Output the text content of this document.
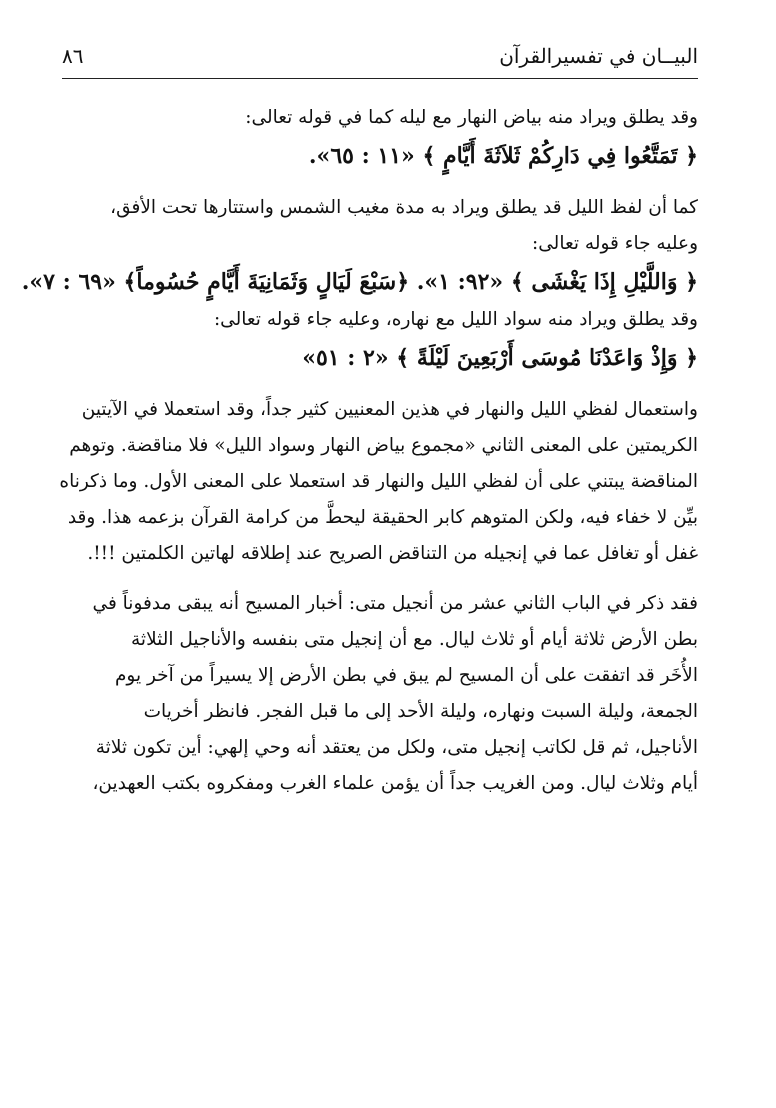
البيــان في تفسيرالقرآن
٨٦
وقد يطلق ويراد منه بياض النهار مع ليله كما في قوله تعالى:
﴿ تَمَتَّعُوا فِي دَارِكُمْ ثَلاَثَةَ أَيَّامٍ ﴾ «١١ : ٦٥».
كما أن لفظ الليل قد يطلق ويراد به مدة مغيب الشمس واستتارها تحت الأفق،
وعليه جاء قوله تعالى:
﴿ وَاللَّيْلِ إِذَا يَغْشَى ﴾ «٩٢: ١». ﴿سَبْعَ لَيَالٍ وَثَمَانِيَةَ أَيَّامٍ حُسُوماً﴾ «٦٩ : ٧».
وقد يطلق ويراد منه سواد الليل مع نهاره، وعليه جاء قوله تعالى:
﴿ وَإِذْ وَاعَدْنَا مُوسَى أَرْبَعِينَ لَيْلَةً ﴾ «٢ : ٥١»
واستعمال لفظي الليل والنهار في هذين المعنيين كثير جداً، وقد استعملا في الآيتين
الكريمتين على المعنى الثاني «مجموع بياض النهار وسواد الليل» فلا مناقضة. وتوهم
المناقضة يبتني على أن لفظي الليل والنهار قد استعملا على المعنى الأول. وما ذكرناه
بيِّن لا خفاء فيه، ولكن المتوهم كابر الحقيقة ليحطَّ من كرامة القرآن بزعمه هذا. وقد
غفل أو تغافل عما في إنجيله من التناقض الصريح عند إطلاقه لهاتين الكلمتين !!!.
فقد ذكر في الباب الثاني عشر من أنجيل متى: أخبار المسيح أنه يبقى مدفوناً في
بطن الأرض ثلاثة أيام أو ثلاث ليال. مع أن إنجيل متى بنفسه والأناجيل الثلاثة
الأُخَر قد اتفقت على أن المسيح لم يبق في بطن الأرض إلا يسيراً من آخر يوم
الجمعة، وليلة السبت ونهاره، وليلة الأحد إلى ما قبل الفجر. فانظر أخريات
الأناجيل، ثم قل لكاتب إنجيل متى، ولكل من يعتقد أنه وحي إلهي: أين تكون ثلاثة
أيام وثلاث ليال. ومن الغريب جداً أن يؤمن علماء الغرب ومفكروه بكتب العهدين،
